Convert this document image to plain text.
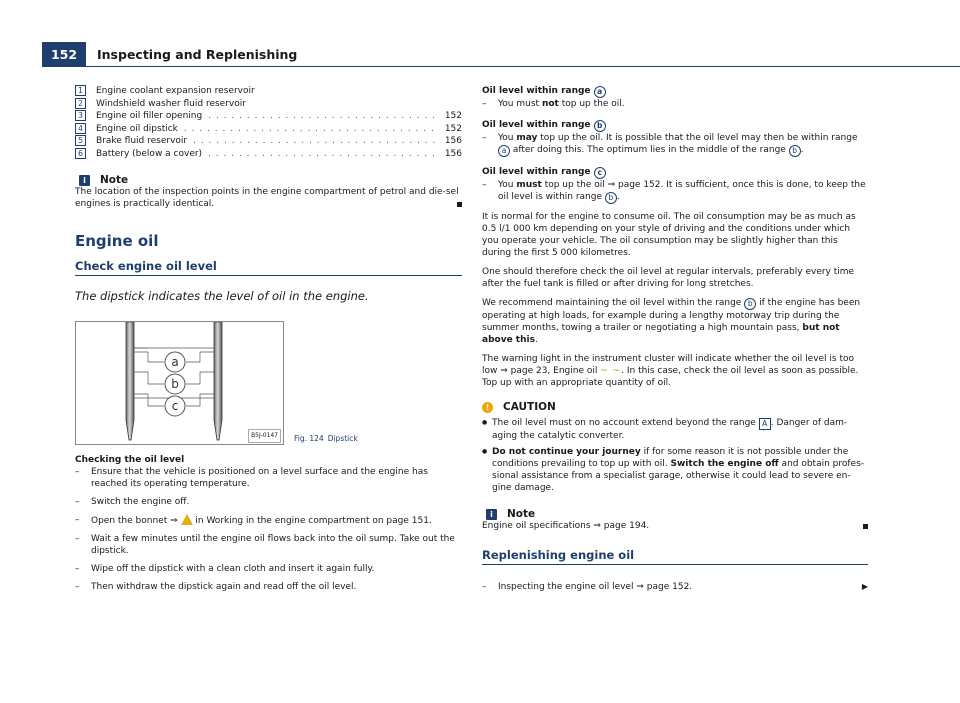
152	Inspecting and Replenishing
1	Engine coolant expansion reservoir
2	Windshield washer fluid reservoir
3	Engine oil filler opening . . .	152
4	Engine oil dipstick . . .	152
5	Brake fluid reservoir . . .	156
6	Battery (below a cover) . . .	156
i	Note

The location of the inspection points in the engine compartment of petrol and die-sel engines is practically identical.

Engine oil
Check engine oil level
The dipstick indicates the level of oil in the engine.
a
b
c
B5J-0147	Fig. 124 Dipstick
Checking the oil level
– Ensure that the vehicle is positioned on a level surface and the engine has reached its operating temperature.
– Switch the engine off.
– Open the bonnet ⇒ in Working in the engine compartment on page 151.
– Wait a few minutes until the engine oil flows back into the oil sump. Take out the dipstick.
– Wipe off the dipstick with a clean cloth and insert it again fully.
– Then withdraw the dipstick again and read off the oil level.
Oil level within range a
– You must not top up the oil.
Oil level within range b
– You may top up the oil. It is possible that the oil level may then be within range a after doing this. The optimum lies in the middle of the range b .
Oil level within range c
– You must top up the oil ⇒ page 152. It is sufficient, once this is done, to keep the oil level is within range b .

It is normal for the engine to consume oil. The oil consumption may be as much as 0.5 l/1 000 km depending on your style of driving and the conditions under which you operate your vehicle. The oil consumption may be slightly higher than this during the first 5 000 kilometres.

One should therefore check the oil level at regular intervals, preferably every time after the fuel tank is filled or after driving for long stretches.

We recommend maintaining the oil level within the range b if the engine has been operating at high loads, for example during a lengthy motorway trip during the summer months, towing a trailer or negotiating a high mountain pass, but not above this.

The warning light in the instrument cluster will indicate whether the oil level is too low ⇒ page 23, Engine oil ~ ~. In this case, check the oil level as soon as possible. Top up with an appropriate quantity of oil.

!	CAUTION
● The oil level must on no account extend beyond the range A . Danger of dam-aging the catalytic converter.
● Do not continue your journey if for some reason it is not possible under the conditions prevailing to top up with oil. Switch the engine off and obtain profes-sional assistance from a specialist garage, otherwise it could lead to severe en-gine damage.
i	Note

Engine oil specifications ⇒ page 194.

Replenishing engine oil
– Inspecting the engine oil level ⇒ page 152.	▶
